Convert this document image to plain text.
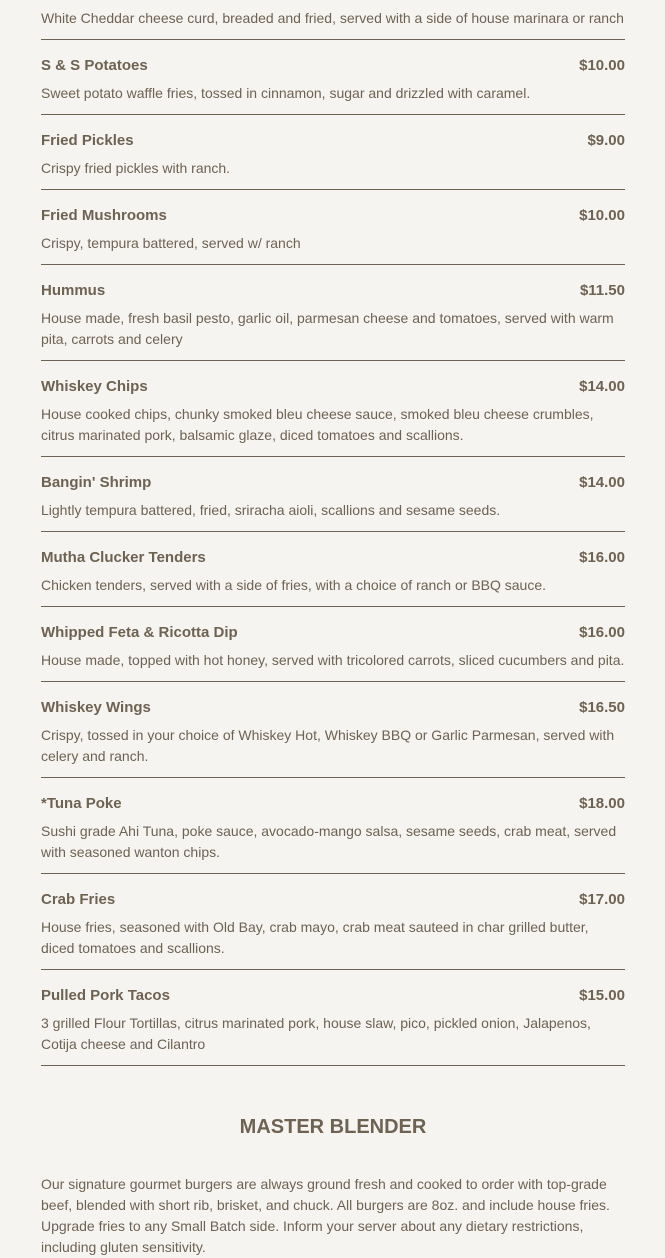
White Cheddar cheese curd, breaded and fried, served with a side of house marinara or ranch
S & S Potatoes	$10.00
Sweet potato waffle fries, tossed in cinnamon, sugar and drizzled with caramel.
Fried Pickles	$9.00
Crispy fried pickles with ranch.
Fried Mushrooms	$10.00
Crispy, tempura battered, served w/ ranch
Hummus	$11.50
House made, fresh basil pesto, garlic oil, parmesan cheese and tomatoes, served with warm pita, carrots and celery
Whiskey Chips	$14.00
House cooked chips, chunky smoked bleu cheese sauce, smoked bleu cheese crumbles, citrus marinated pork, balsamic glaze, diced tomatoes and scallions.
Bangin' Shrimp	$14.00
Lightly tempura battered, fried, sriracha aioli, scallions and sesame seeds.
Mutha Clucker Tenders	$16.00
Chicken tenders, served with a side of fries, with a choice of ranch or BBQ sauce.
Whipped Feta & Ricotta Dip	$16.00
House made, topped with hot honey, served with tricolored carrots, sliced cucumbers and pita.
Whiskey Wings	$16.50
Crispy, tossed in your choice of Whiskey Hot, Whiskey BBQ or Garlic Parmesan, served with celery and ranch.
*Tuna Poke	$18.00
Sushi grade Ahi Tuna, poke sauce, avocado-mango salsa, sesame seeds, crab meat, served with seasoned wanton chips.
Crab Fries	$17.00
House fries, seasoned with Old Bay, crab mayo, crab meat sauteed in char grilled butter, diced tomatoes and scallions.
Pulled Pork Tacos	$15.00
3 grilled Flour Tortillas, citrus marinated pork, house slaw, pico, pickled onion, Jalapenos, Cotija cheese and Cilantro
MASTER BLENDER
Our signature gourmet burgers are always ground fresh and cooked to order with top-grade beef, blended with short rib, brisket, and chuck. All burgers are 8oz. and include house fries. Upgrade fries to any Small Batch side. Inform your server about any dietary restrictions, including gluten sensitivity.
